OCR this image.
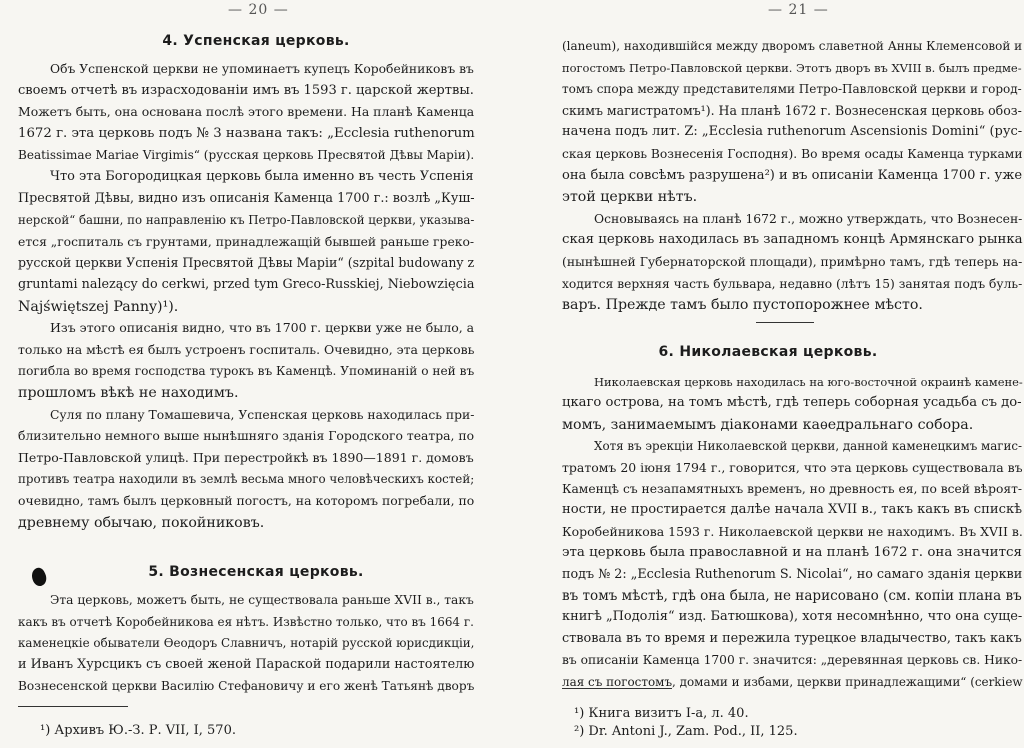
— 20 —
4. Успенская церковь.
Объ Успенской церкви не упоминаетъ купецъ Коробейниковъ въ
своемъ отчетѣ въ израсходованіи имъ въ 1593 г. царской жертвы.
Можетъ быть, она основана послѣ этого времени. На планѣ Каменца
1672 г. эта церковь подъ № 3 названа такъ: „Ecclesia ruthenorum
Beatissimae Mariae Virgimis“ (русская церковь Пресвятой Дѣвы Маріи).
Что эта Богородицкая церковь была именно въ честь Успенія
Пресвятой Дѣвы, видно изъ описанія Каменца 1700 г.: возлѣ „Куш-
нерской“ башни, по направленію къ Петро-Павловской церкви, указыва-
ется „госпиталь съ грунтами, принадлежащій бывшей раньше греко-
русской церкви Успенія Пресвятой Дѣвы Маріи“ (szpital budowany z
gruntami nalezący do cerkwi, przed tym Greco-Russkiej, Niebowzięcia
Najświętszej Panny)¹).
Изъ этого описанія видно, что въ 1700 г. церкви уже не было, а
только на мѣстѣ ея былъ устроенъ госпиталь. Очевидно, эта церковь
погибла во время господства турокъ въ Каменцѣ. Упоминаній о ней въ
прошломъ вѣкѣ не находимъ.
Суля по плану Томашевича, Успенская церковь находилась при-
близительно немного выше нынѣшняго зданія Городского театра, по
Петро-Павловской улицѣ. При перестройкѣ въ 1890—1891 г. домовъ
противъ театра находили въ землѣ весьма много человѣческихъ костей;
очевидно, тамъ былъ церковный погостъ, на которомъ погребали, по
древнему обычаю, покойниковъ.
5. Вознесенская церковь.
Эта церковь, можетъ быть, не существовала раньше XVII в., такъ
какъ въ отчетѣ Коробейникова ея нѣтъ. Извѣстно только, что въ 1664 г.
каменецкіе обыватели Ѳеодоръ Славничъ, нотарій русской юрисдикціи,
и Иванъ Хурсцикъ съ своей женой Параской подарили настоятелю
Вознесенской церкви Василію Стефановичу и его женѣ Татьянѣ дворъ
¹) Архивъ Ю.-З. Р. VII, I, 570.
— 21 —
(laneum), находившійся между дворомъ славетной Анны Клеменсовой и
погостомъ Петро-Павловской церкви. Этотъ дворъ въ XVIII в. былъ предме-
томъ спора между представителями Петро-Павловской церкви и город-
скимъ магистратомъ¹). На планѣ 1672 г. Вознесенская церковь обоз-
начена подъ лит. Z: „Ecclesia ruthenorum Ascensionis Domini“ (рус-
ская церковь Вознесенія Господня). Во время осады Каменца турками
она была совсѣмъ разрушена²) и въ описаніи Каменца 1700 г. уже
этой церкви нѣтъ.
Основываясь на планѣ 1672 г., можно утверждать, что Вознесен-
ская церковь находилась въ западномъ концѣ Армянскаго рынка
(нынѣшней Губернаторской площади), примѣрно тамъ, гдѣ теперь на-
ходится верхняя часть бульвара, недавно (лѣтъ 15) занятая подъ буль-
варъ. Прежде тамъ было пустопорожнее мѣсто.
6. Николаевская церковь.
Николаевская церковь находилась на юго-восточной окраинѣ камене-
цкаго острова, на томъ мѣстѣ, гдѣ теперь соборная усадьба съ до-
момъ, занимаемымъ діаконами каѳедральнаго собора.
Хотя въ эрекціи Николаевской церкви, данной каменецкимъ магис-
тратомъ 20 іюня 1794 г., говорится, что эта церковь существовала въ
Каменцѣ съ незапамятныхъ временъ, но древность ея, по всей вѣроят-
ности, не простирается далѣе начала XVII в., такъ какъ въ спискѣ
Коробейникова 1593 г. Николаевской церкви не находимъ. Въ XVII в.
эта церковь была православной и на планѣ 1672 г. она значится
подъ № 2: „Ecclesia Ruthenorum S. Nicolai“, но самаго зданія церкви
въ томъ мѣстѣ, гдѣ она была, не нарисовано (см. копіи плана въ
книгѣ „Подолія“ изд. Батюшкова), хотя несомнѣнно, что она суще-
ствовала въ то время и пережила турецкое владычество, такъ какъ
въ описаніи Каменца 1700 г. значится: „деревянная церковь св. Нико-
лая съ погостомъ, домами и избами, церкви принадлежащими“ (cerkiew
¹) Книга визитъ I-а, л. 40.
²) Dr. Antoni J., Zam. Pod., II, 125.
